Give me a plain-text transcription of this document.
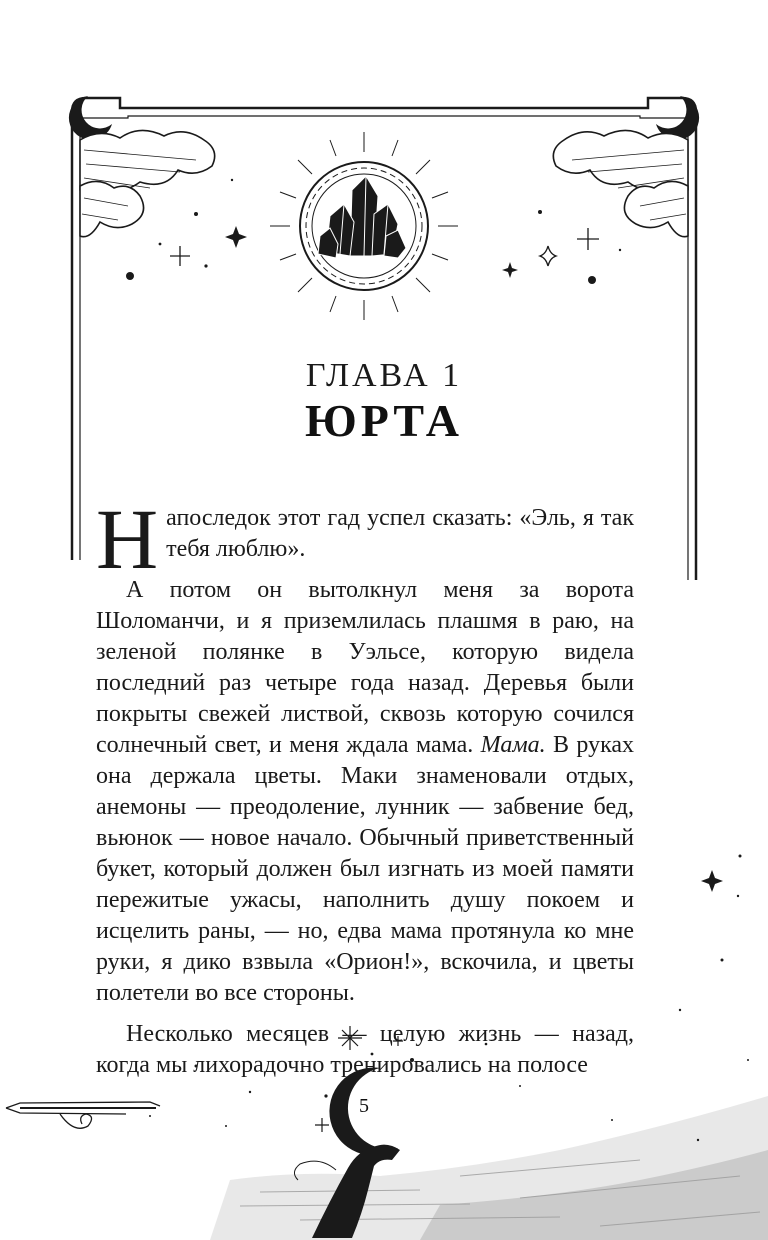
ГЛАВА 1
ЮРТА

Напоследок этот гад успел сказать: «Эль, я так тебя люблю».

А потом он вытолкнул меня за ворота Шоломанчи, и я приземлилась плашмя в раю, на зеленой полянке в Уэльсе, которую видела последний раз четыре года назад. Деревья были покрыты свежей листвой, сквозь которую сочился солнечный свет, и меня ждала мама. Мама. В руках она держала цветы. Маки знаменовали отдых, анемоны — преодоление, лунник — забвение бед, вьюнок — новое начало. Обычный приветственный букет, который должен был изгнать из моей памяти пережитые ужасы, наполнить душу покоем и исцелить раны, — но, едва мама протянула ко мне руки, я дико взвыла «Орион!», вскочила, и цветы полетели во все стороны.

Несколько месяцев — целую жизнь — назад, когда мы лихорадочно тренировались на полосе

5
